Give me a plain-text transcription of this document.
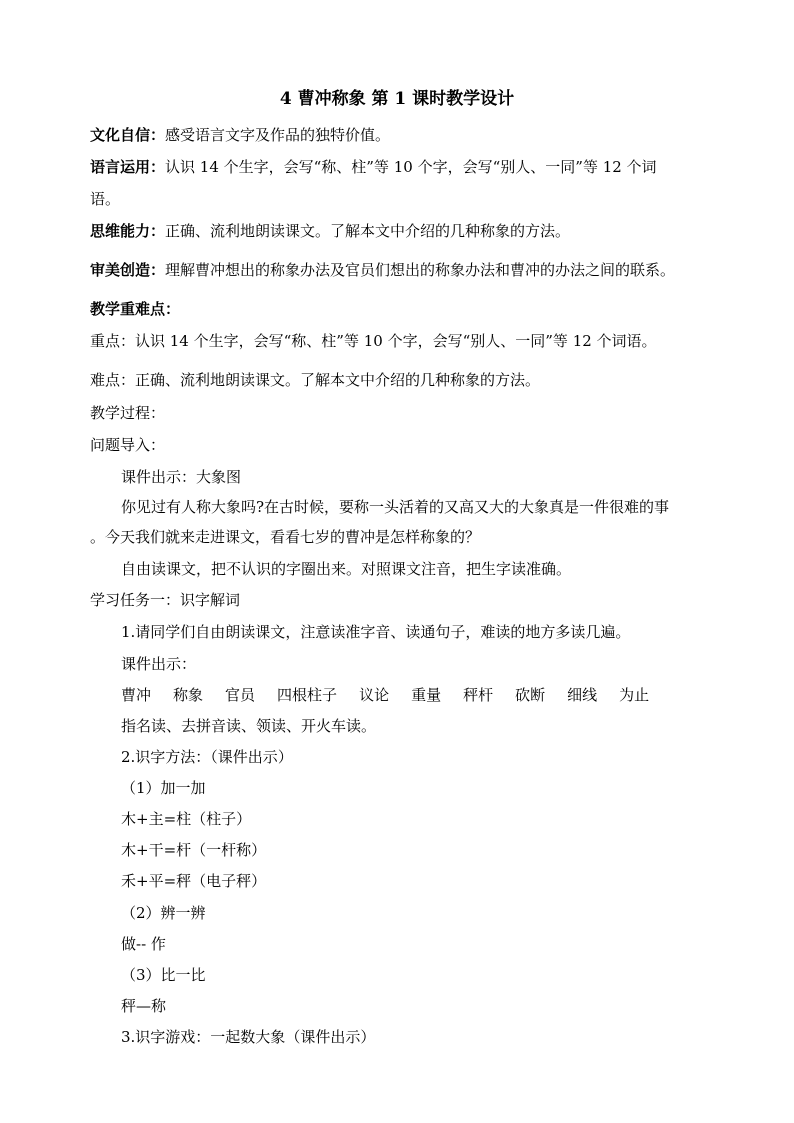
4 曹冲称象 第 1 课时教学设计
文化自信：感受语言文字及作品的独特价值。
语言运用：认识 14 个生字，会写“称、柱”等 10 个字，会写“别人、一同”等 12 个词
语。
思维能力：正确、流利地朗读课文。了解本文中介绍的几种称象的方法。
审美创造：理解曹冲想出的称象办法及官员们想出的称象办法和曹冲的办法之间的联系。
教学重难点：
重点：认识 14 个生字，会写“称、柱”等 10 个字，会写“别人、一同”等 12 个词语。
难点：正确、流利地朗读课文。了解本文中介绍的几种称象的方法。
教学过程：
问题导入：
课件出示：大象图
你见过有人称大象吗?在古时候，要称一头活着的又高又大的大象真是一件很难的事
。今天我们就来走进课文，看看七岁的曹冲是怎样称象的？
自由读课文，把不认识的字圈出来。对照课文注音，把生字读准确。
学习任务一：识字解词
1.请同学们自由朗读课文，注意读准字音、读通句子，难读的地方多读几遍。
课件出示：
曹冲 称象 官员 四根柱子 议论 重量 秤杆 砍断 细线 为止
指名读、去拼音读、领读、开火车读。
2.识字方法：（课件出示）
（1）加一加
木+主=柱（柱子）
木+干=杆（一杆称）
禾+平=秤（电子秤）
（2）辨一辨
做-- 作
（3）比一比
秤—称
3.识字游戏：一起数大象（课件出示）
